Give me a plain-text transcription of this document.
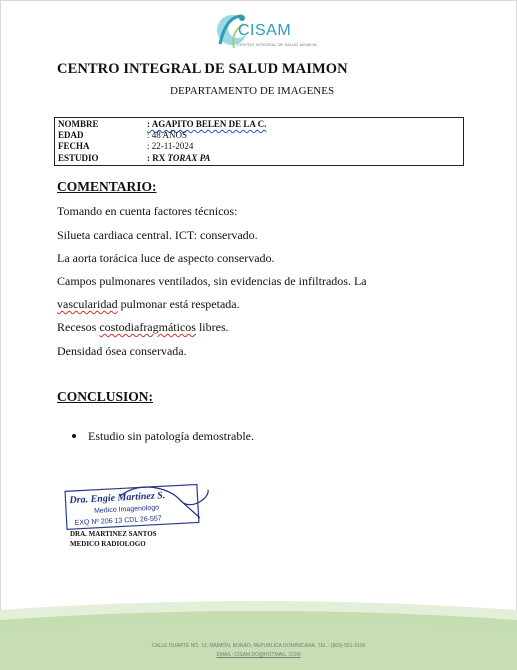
CISAM
CENTRO INTEGRAL DE SALUD MAIMON
CENTRO INTEGRAL DE SALUD MAIMON
DEPARTAMENTO DE IMAGENES
NOMBRE	: AGAPITO BELEN DE LA C.
EDAD	: 48 AÑOS
FECHA	: 22-11-2024
ESTUDIO	: RX TORAX PA
COMENTARIO:
Tomando en cuenta factores técnicos:
Silueta cardiaca central. ICT: conservado.
La aorta torácica luce de aspecto conservado.
Campos pulmonares ventilados, sin evidencias de infiltrados. La
vascularidad pulmonar está respetada.
Recesos costodiafragmáticos libres.
Densidad ósea conservada.
CONCLUSION:
Estudio sin patología demostrable.
Dra. Engie Martinez S.
Medico Imagenologo
EXQ Nº 206 13 CDL 26-557
DRA. MARTINEZ SANTOS
MEDICO RADIOLOGO
CALLE DUARTE NO. 13, MAIMÓN, BONAO, REPUBLICA DOMINICANA, TEL.: (809)-551-2196
EMAIL: CISAM.DO@HOTMAIL .COM
